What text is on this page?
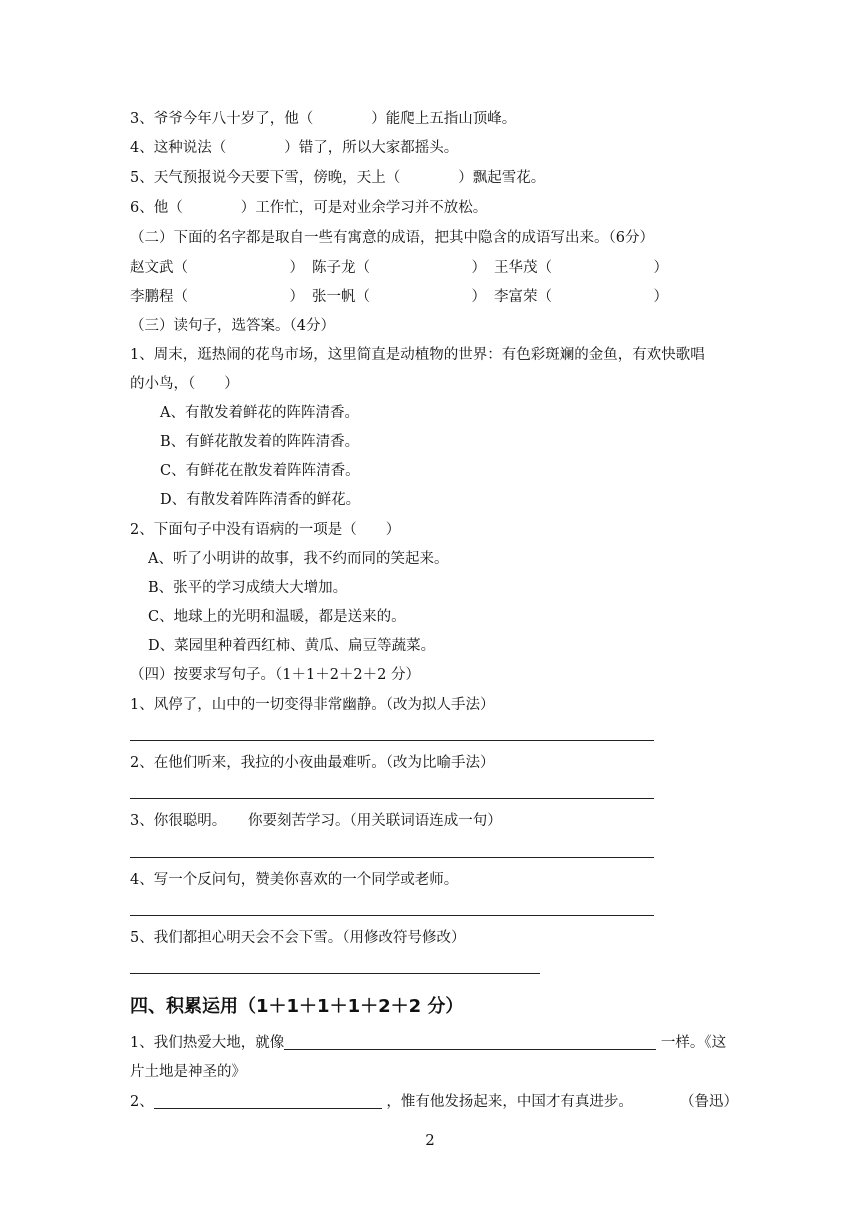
3、爷爷今年八十岁了，他（　　　　）能爬上五指山顶峰。
4、这种说法（　　　　）错了，所以大家都摇头。
5、天气预报说今天要下雪，傍晚，天上（　　　　）飘起雪花。
6、他（　　　　）工作忙，可是对业余学习并不放松。
（二）下面的名字都是取自一些有寓意的成语，把其中隐含的成语写出来。（6分）
赵文武（　　　　　　　） 陈子龙（　　　　　　　） 王华茂（　　　　　　　）
李鹏程（　　　　　　　） 张一帆（　　　　　　　） 李富荣（　　　　　　　）
（三）读句子，选答案。（4分）
1、周末，逛热闹的花鸟市场，这里简直是动植物的世界：有色彩斑斓的金鱼，有欢快歌唱
的小鸟，（　　）
A、有散发着鲜花的阵阵清香。
B、有鲜花散发着的阵阵清香。
C、有鲜花在散发着阵阵清香。
D、有散发着阵阵清香的鲜花。
2、下面句子中没有语病的一项是（　　）
A、听了小明讲的故事，我不约而同的笑起来。
B、张平的学习成绩大大增加。
C、地球上的光明和温暖，都是送来的。
D、菜园里种着西红柿、黄瓜、扁豆等蔬菜。
（四）按要求写句子。（1＋1＋2＋2＋2 分）
1、风停了，山中的一切变得非常幽静。（改为拟人手法）
2、在他们听来，我拉的小夜曲最难听。（改为比喻手法）
3、你很聪明。　　你要刻苦学习。（用关联词语连成一句）
4、写一个反问句，赞美你喜欢的一个同学或老师。
5、我们都担心明天会不会下雪。（用修改符号修改）
四、积累运用（1＋1＋1＋1＋2＋2 分）
1、我们热爱大地，就像	一样。《这
片土地是神圣的》
2、	，惟有他发扬起来，中国才有真进步。	（鲁迅）
2
